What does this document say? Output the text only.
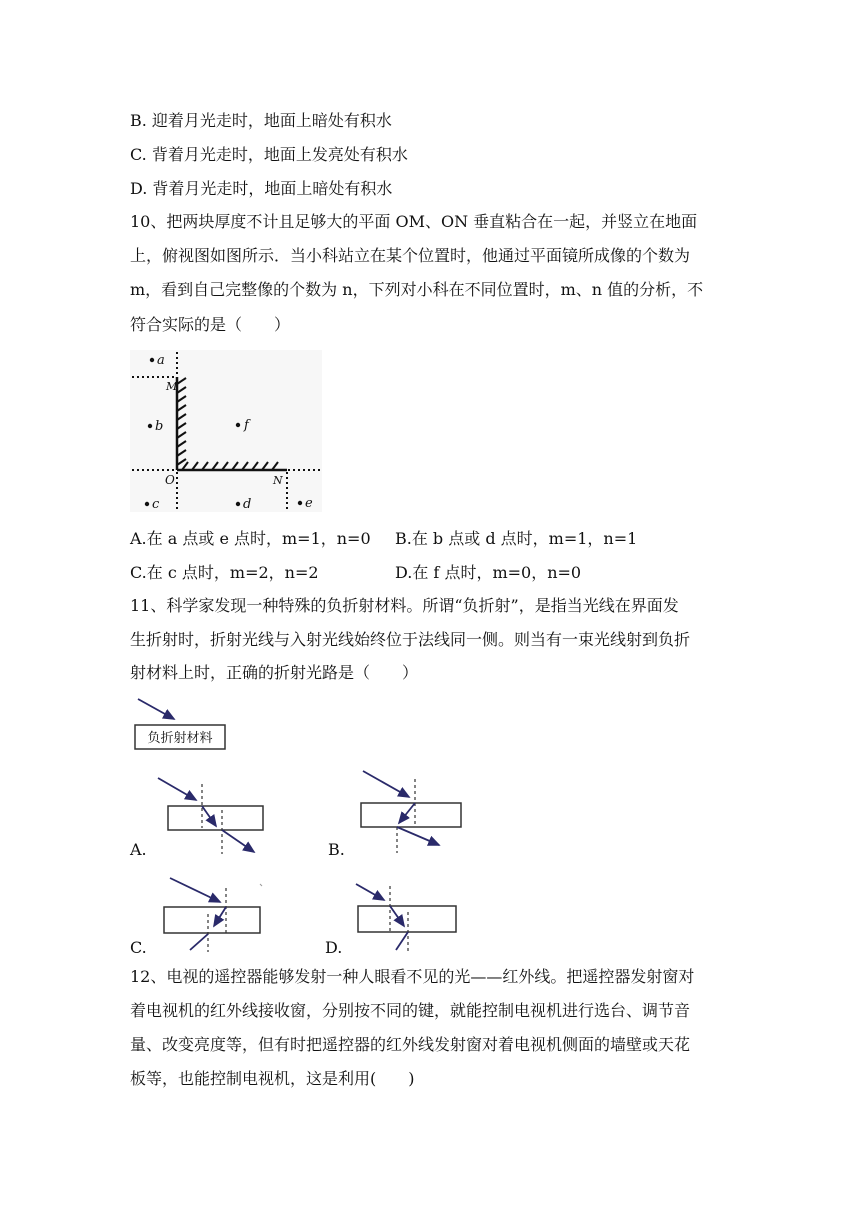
B. 迎着月光走时，地面上暗处有积水
C. 背着月光走时，地面上发亮处有积水
D. 背着月光走时，地面上暗处有积水
10、把两块厚度不计且足够大的平面 OM、ON 垂直粘合在一起，并竖立在地面
上，俯视图如图所示．当小科站立在某个位置时，他通过平面镜所成像的个数为
m，看到自己完整像的个数为 n，下列对小科在不同位置时，m、n 值的分析，不
符合实际的是（　　）
a
b
c	d	e
f
M
O	N
A.在 a 点或 e 点时，m=1，n=0 B.在 b 点或 d 点时，m=1，n=1
C.在 c 点时，m=2，n=2	D.在 f 点时，m=0，n=0
11、科学家发现一种特殊的负折射材料。所谓“负折射”，是指当光线在界面发
生折射时，折射光线与入射光线始终位于法线同一侧。则当有一束光线射到负折
射材料上时，正确的折射光路是（　　）
负折射材料
A.	B.
C.	D.
12、电视的遥控器能够发射一种人眼看不见的光——红外线。把遥控器发射窗对
着电视机的红外线接收窗，分别按不同的键，就能控制电视机进行选台、调节音
量、改变亮度等，但有时把遥控器的红外线发射窗对着电视机侧面的墙壁或天花
板等，也能控制电视机，这是利用(　　)
